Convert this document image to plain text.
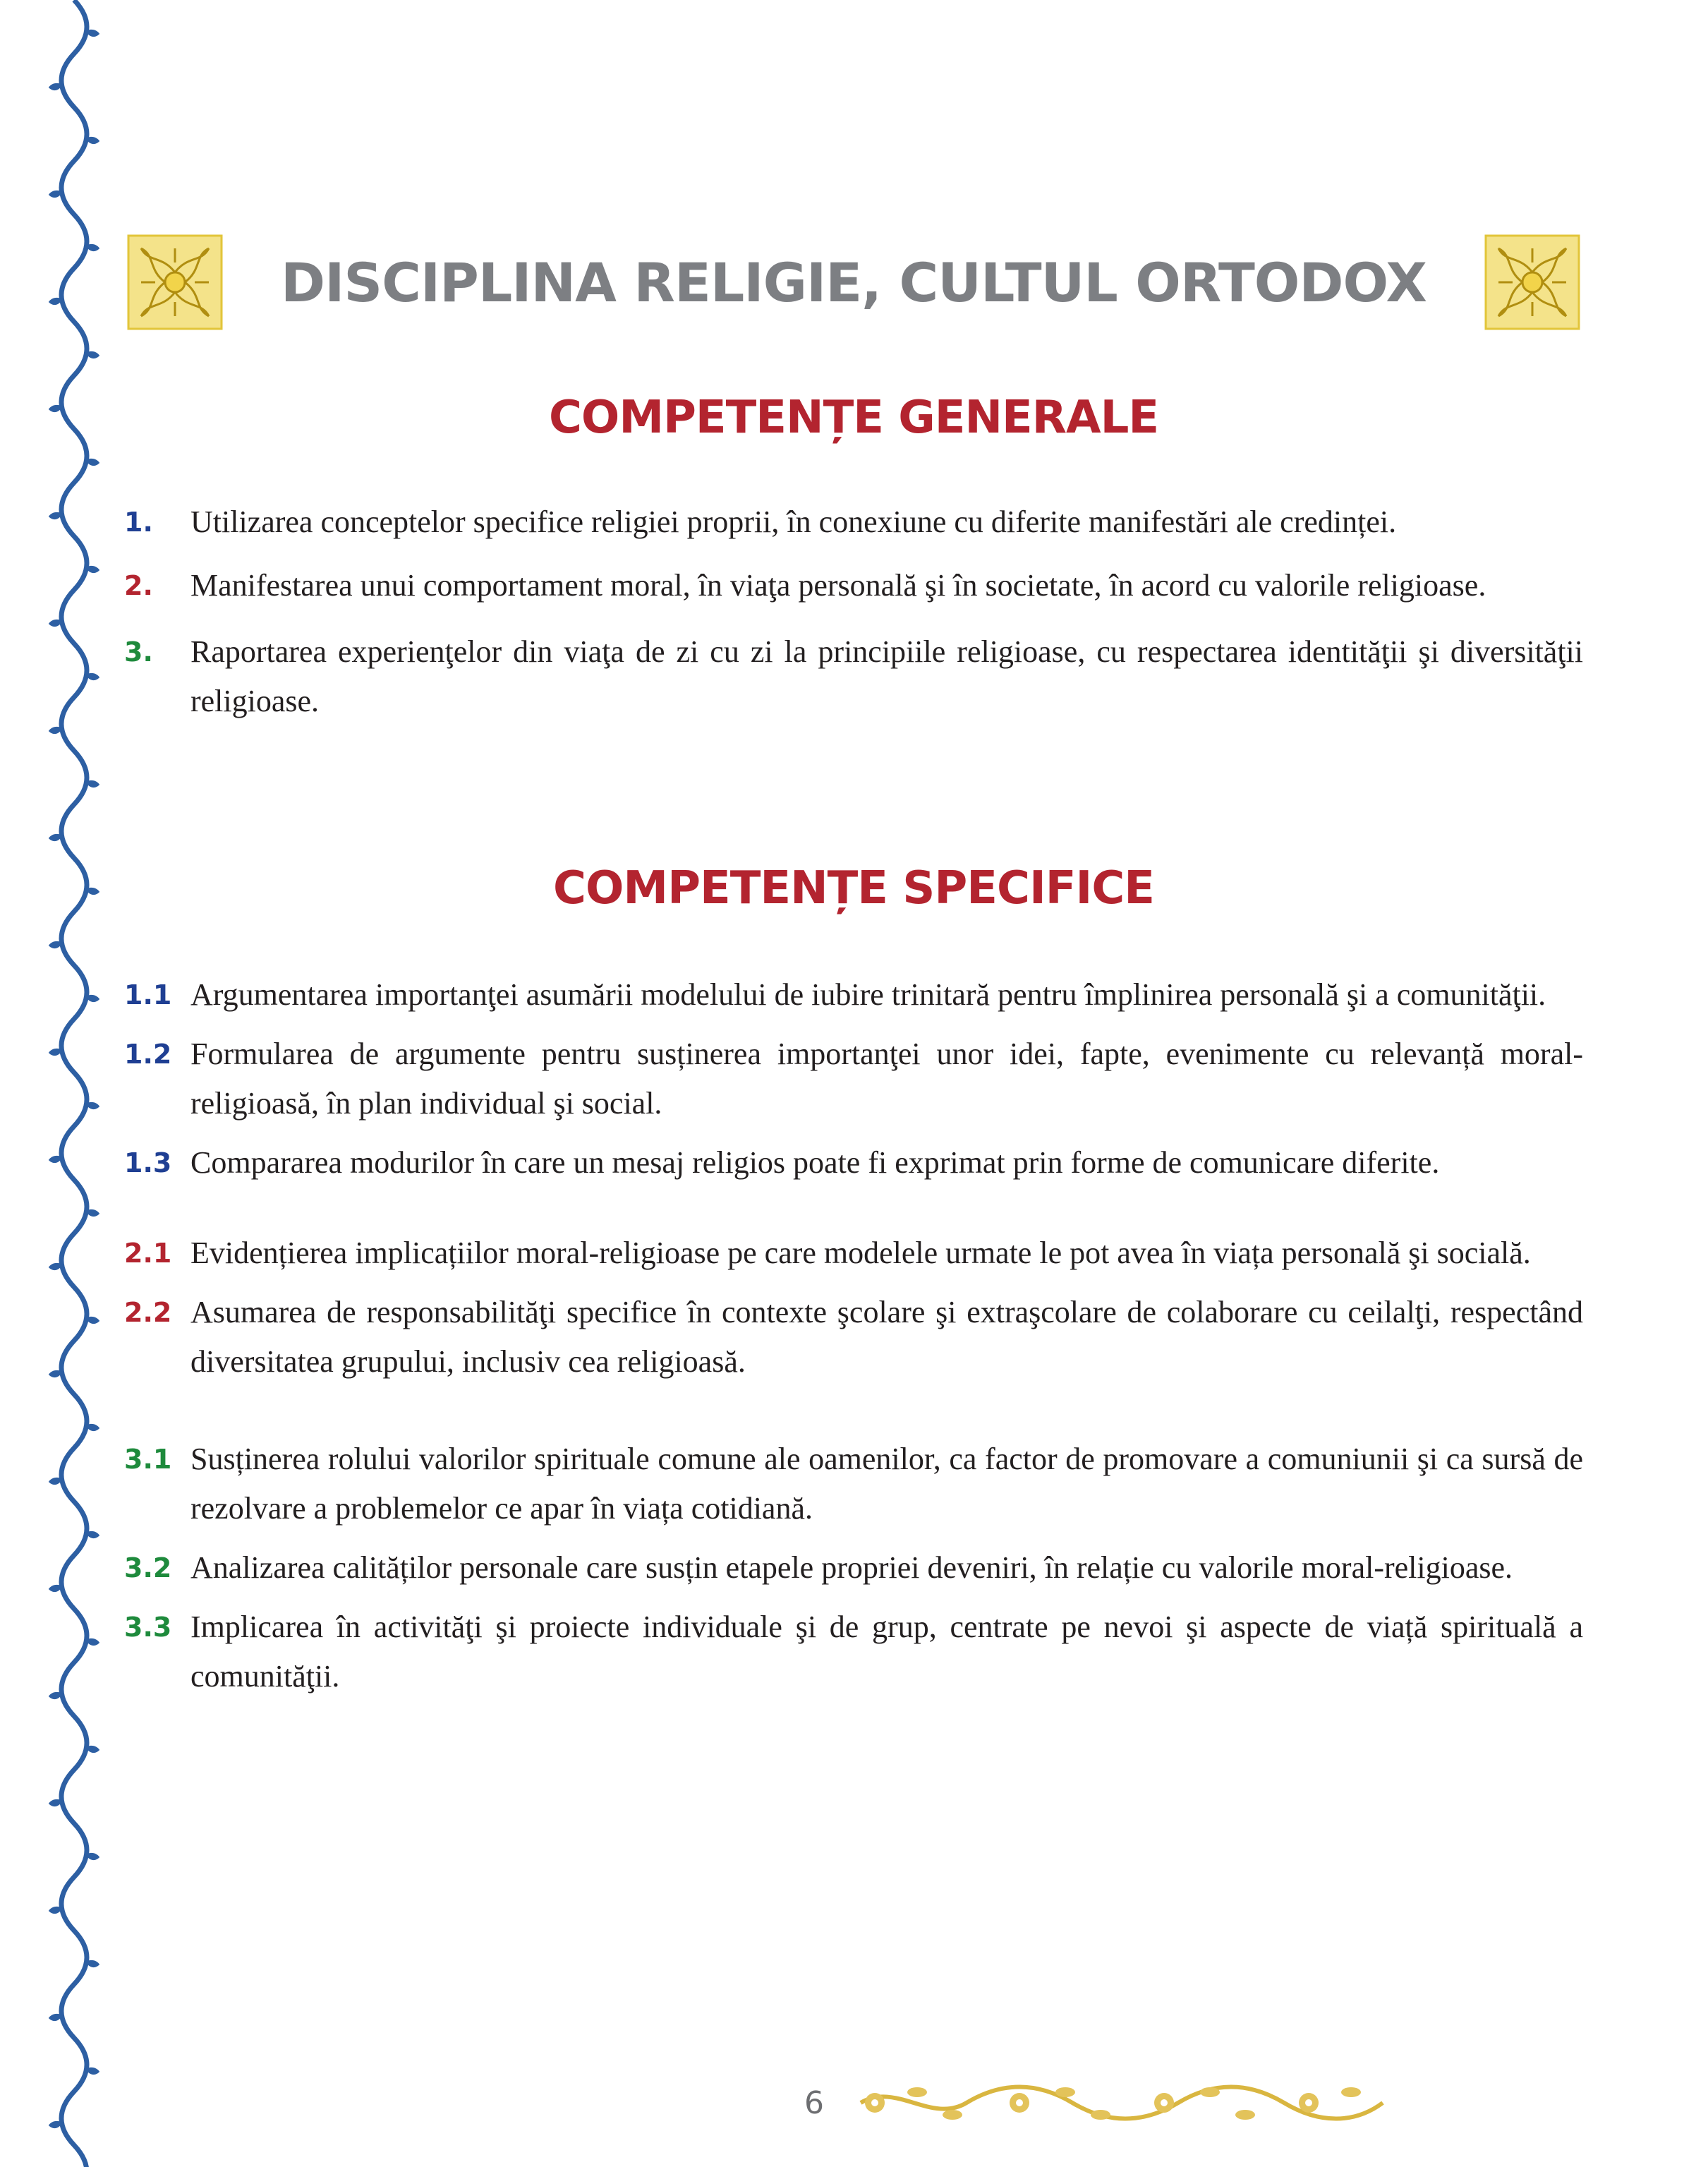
DISCIPLINA RELIGIE, CULTUL ORTODOX
COMPETENȚE GENERALE
1.	Utilizarea conceptelor specifice religiei proprii, în conexiune cu diferite manifestări ale credinței.
2.	Manifestarea unui comportament moral, în viaţa personală şi în societate, în acord cu valorile religioase.
3.	Raportarea experienţelor din viaţa de zi cu zi la principiile religioase, cu respectarea identităţii şi diversităţii religioase.
COMPETENȚE SPECIFICE
1.1 Argumentarea importanţei asumării modelului de iubire trinitară pentru împlinirea personală şi a comunităţii.
1.2 Formularea de argumente pentru susținerea importanţei unor idei, fapte, evenimente cu relevanță moral-religioasă, în plan individual şi social.
1.3 Compararea modurilor în care un mesaj religios poate fi exprimat prin forme de comunicare diferite.
2.1 Evidențierea implicațiilor moral-religioase pe care modelele urmate le pot avea în viața personală şi socială.
2.2 Asumarea de responsabilităţi specifice în contexte şcolare şi extraşcolare de colaborare cu ceilalţi, respectând diversitatea grupului, inclusiv cea religioasă.
3.1 Susținerea rolului valorilor spirituale comune ale oamenilor, ca factor de promovare a comuniunii şi ca sursă de rezolvare a problemelor ce apar în viața cotidiană.
3.2 Analizarea calităților personale care susțin etapele propriei deveniri, în relație cu valorile moral-religioase.
3.3 Implicarea în activităţi şi proiecte individuale şi de grup, centrate pe nevoi şi aspecte de viață spirituală a comunităţii.
6
